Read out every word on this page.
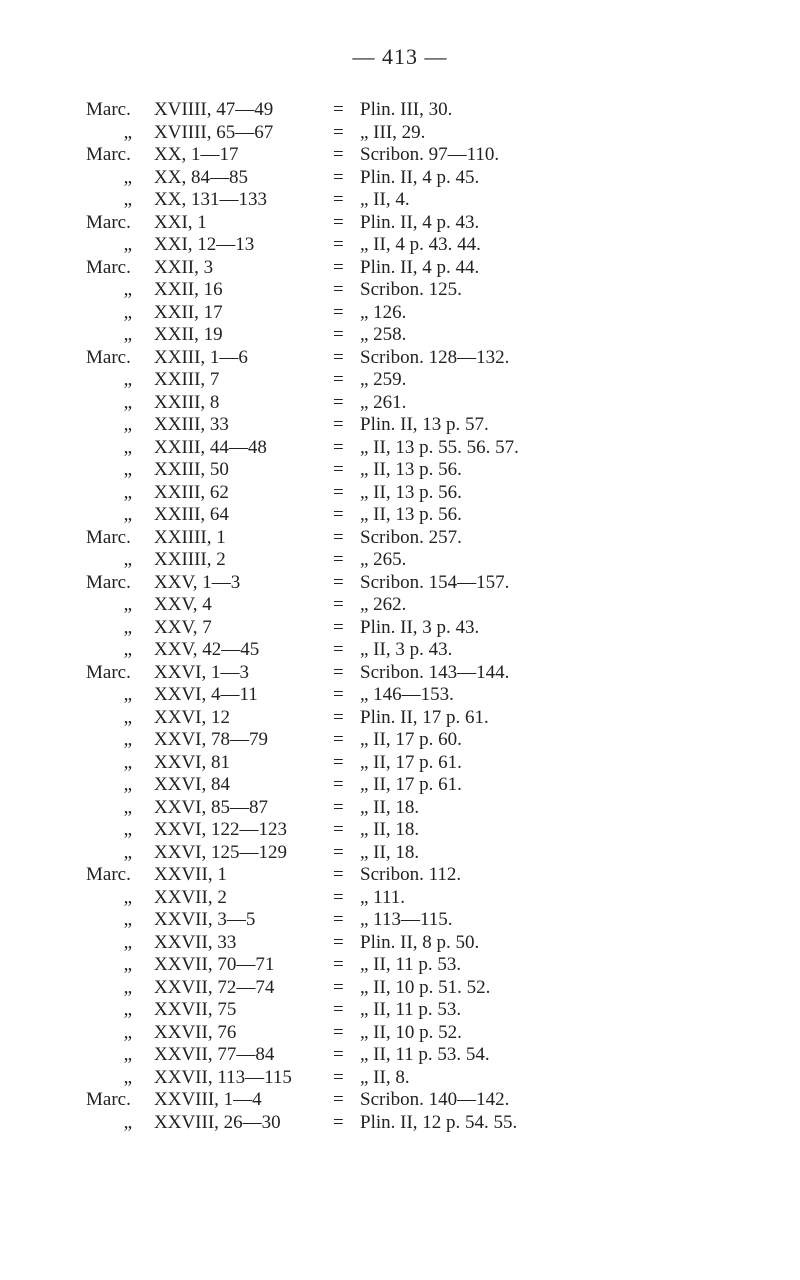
— 413 —
Marc.	XVIIII, 47—49	= Plin. III, 30.
„ XVIIII, 65—67	= „ III, 29.
Marc.	XX, 1—17	= Scribon. 97—110.
„ XX, 84—85	= Plin. II, 4 p. 45.
„ XX, 131—133	= „ II, 4.
Marc.	XXI, 1	= Plin. II, 4 p. 43.
„ XXI, 12—13	= „ II, 4 p. 43. 44.
Marc.	XXII, 3	= Plin. II, 4 p. 44.
„ XXII, 16	= Scribon. 125.
„ XXII, 17	= „ 126.
„ XXII, 19	= „ 258.
Marc.	XXIII, 1—6	= Scribon. 128—132.
„ XXIII, 7	= „ 259.
„ XXIII, 8	= „ 261.
„ XXIII, 33	= Plin. II, 13 p. 57.
„ XXIII, 44—48	= „ II, 13 p. 55. 56. 57.
„ XXIII, 50	= „ II, 13 p. 56.
„ XXIII, 62	= „ II, 13 p. 56.
„ XXIII, 64	= „ II, 13 p. 56.
Marc.	XXIIII, 1	= Scribon. 257.
„ XXIIII, 2	= „ 265.
Marc.	XXV, 1—3	= Scribon. 154—157.
„ XXV, 4	= „ 262.
„ XXV, 7	= Plin. II, 3 p. 43.
„ XXV, 42—45	= „ II, 3 p. 43.
Marc.	XXVI, 1—3	= Scribon. 143—144.
„ XXVI, 4—11	= „ 146—153.
„ XXVI, 12	= Plin. II, 17 p. 61.
„ XXVI, 78—79	= „ II, 17 p. 60.
„ XXVI, 81	= „ II, 17 p. 61.
„ XXVI, 84	= „ II, 17 p. 61.
„ XXVI, 85—87	= „ II, 18.
„ XXVI, 122—123 = „ II, 18.
„ XXVI, 125—129 = „ II, 18.
Marc.	XXVII, 1	= Scribon. 112.
„ XXVII, 2	= „ 111.
„ XXVII, 3—5	= „ 113—115.
„ XXVII, 33	= Plin. II, 8 p. 50.
„ XXVII, 70—71	= „ II, 11 p. 53.
„ XXVII, 72—74	= „ II, 10 p. 51. 52.
„ XXVII, 75	= „ II, 11 p. 53.
„ XXVII, 76	= „ II, 10 p. 52.
„ XXVII, 77—84	= „ II, 11 p. 53. 54.
„ XXVII, 113—115 = „ II, 8.
Marc.	XXVIII, 1—4	= Scribon. 140—142.
„ XXVIII, 26—30	= Plin. II, 12 p. 54. 55.
